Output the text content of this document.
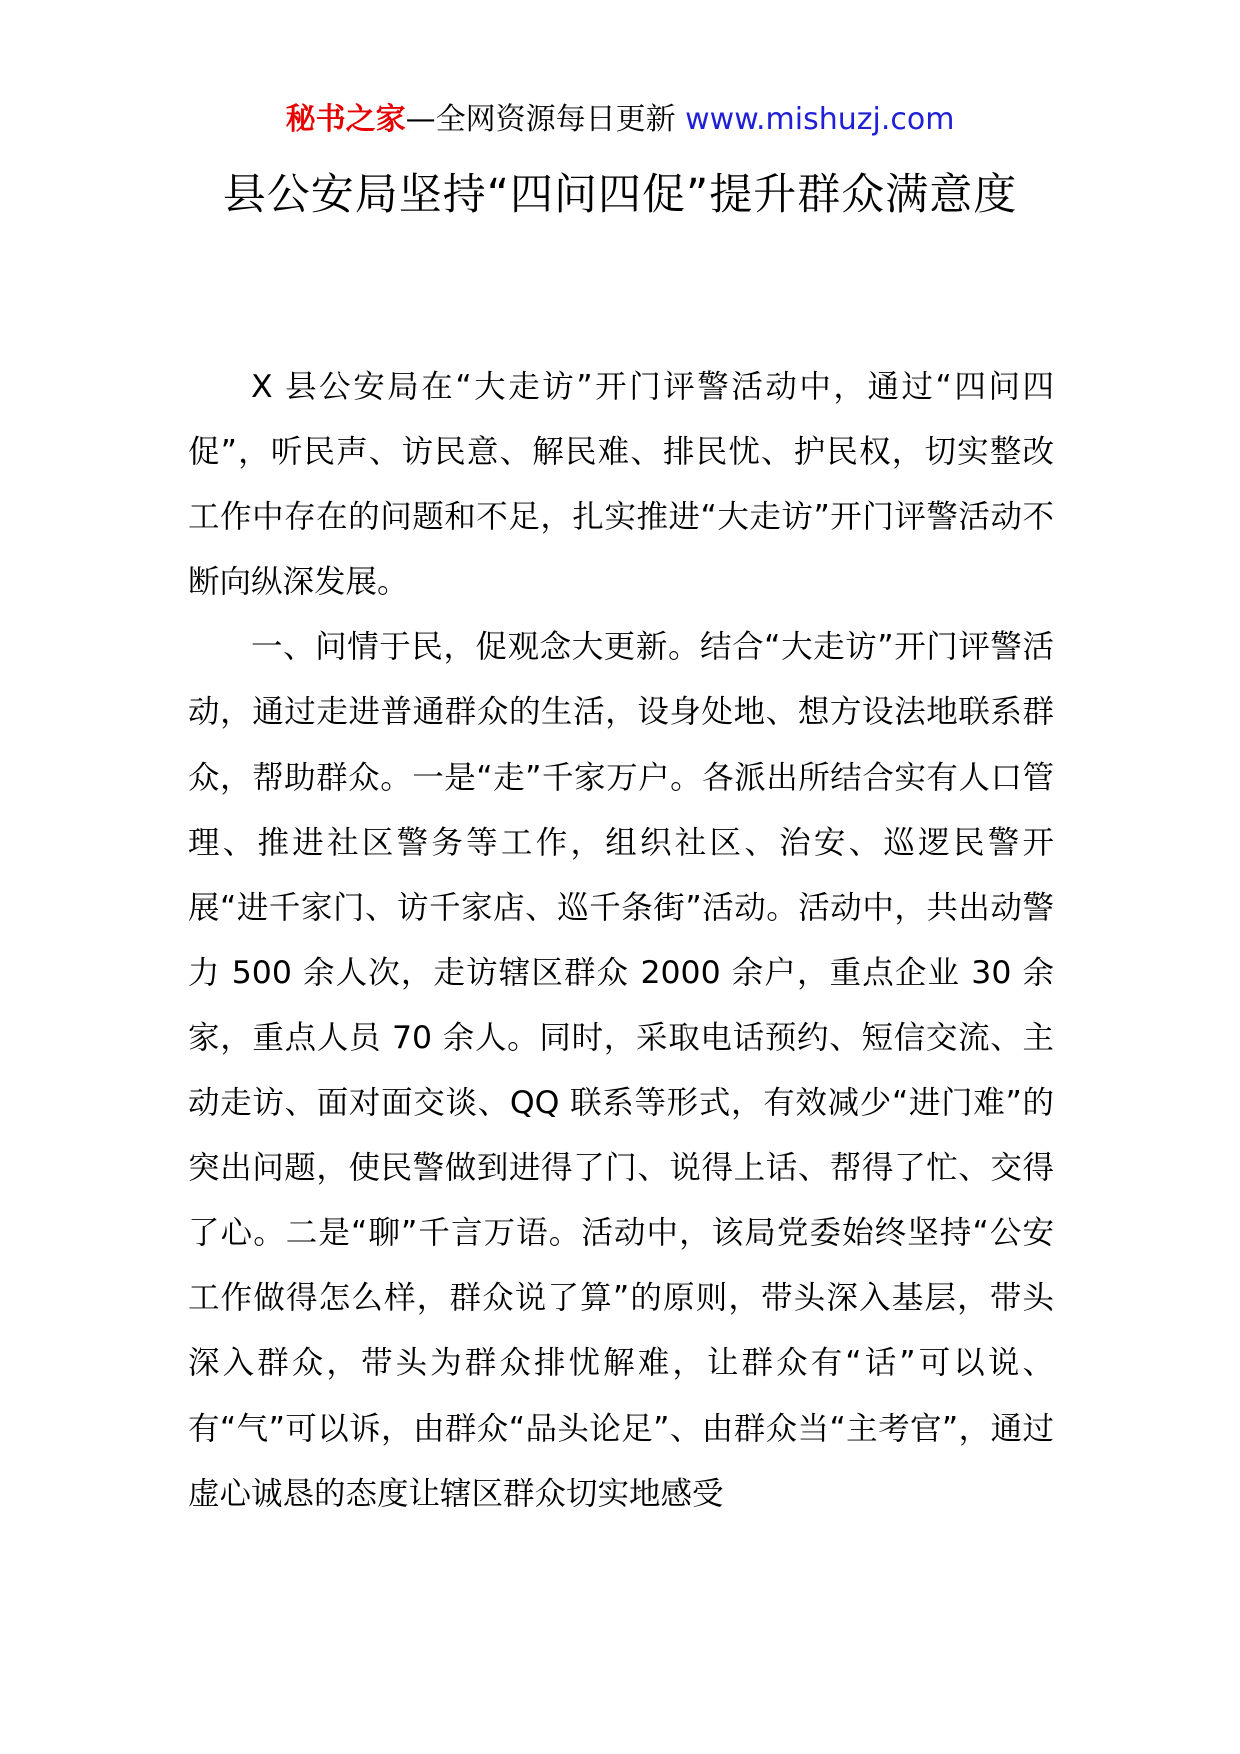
秘书之家—全网资源每日更新 www.mishuzj.com
县公安局坚持“四问四促”提升群众满意度

X 县公安局在“大走访”开门评警活动中，通过“四问四促”，听民声、访民意、解民难、排民忧、护民权，切实整改工作中存在的问题和不足，扎实推进“大走访”开门评警活动不断向纵深发展。

一、问情于民，促观念大更新。结合“大走访”开门评警活动，通过走进普通群众的生活，设身处地、想方设法地联系群众，帮助群众。一是“走”千家万户。各派出所结合实有人口管理、推进社区警务等工作，组织社区、治安、巡逻民警开展“进千家门、访千家店、巡千条街”活动。活动中，共出动警力 500 余人次，走访辖区群众 2000 余户，重点企业 30 余家，重点人员 70 余人。同时，采取电话预约、短信交流、主动走访、面对面交谈、QQ 联系等形式，有效减少“进门难”的突出问题，使民警做到进得了门、说得上话、帮得了忙、交得了心。二是“聊”千言万语。活动中，该局党委始终坚持“公安工作做得怎么样，群众说了算”的原则，带头深入基层，带头深入群众，带头为群众排忧解难，让群众有“话”可以说、有“气”可以诉，由群众“品头论足”、由群众当“主考官”，通过虚心诚恳的态度让辖区群众切实地感受
